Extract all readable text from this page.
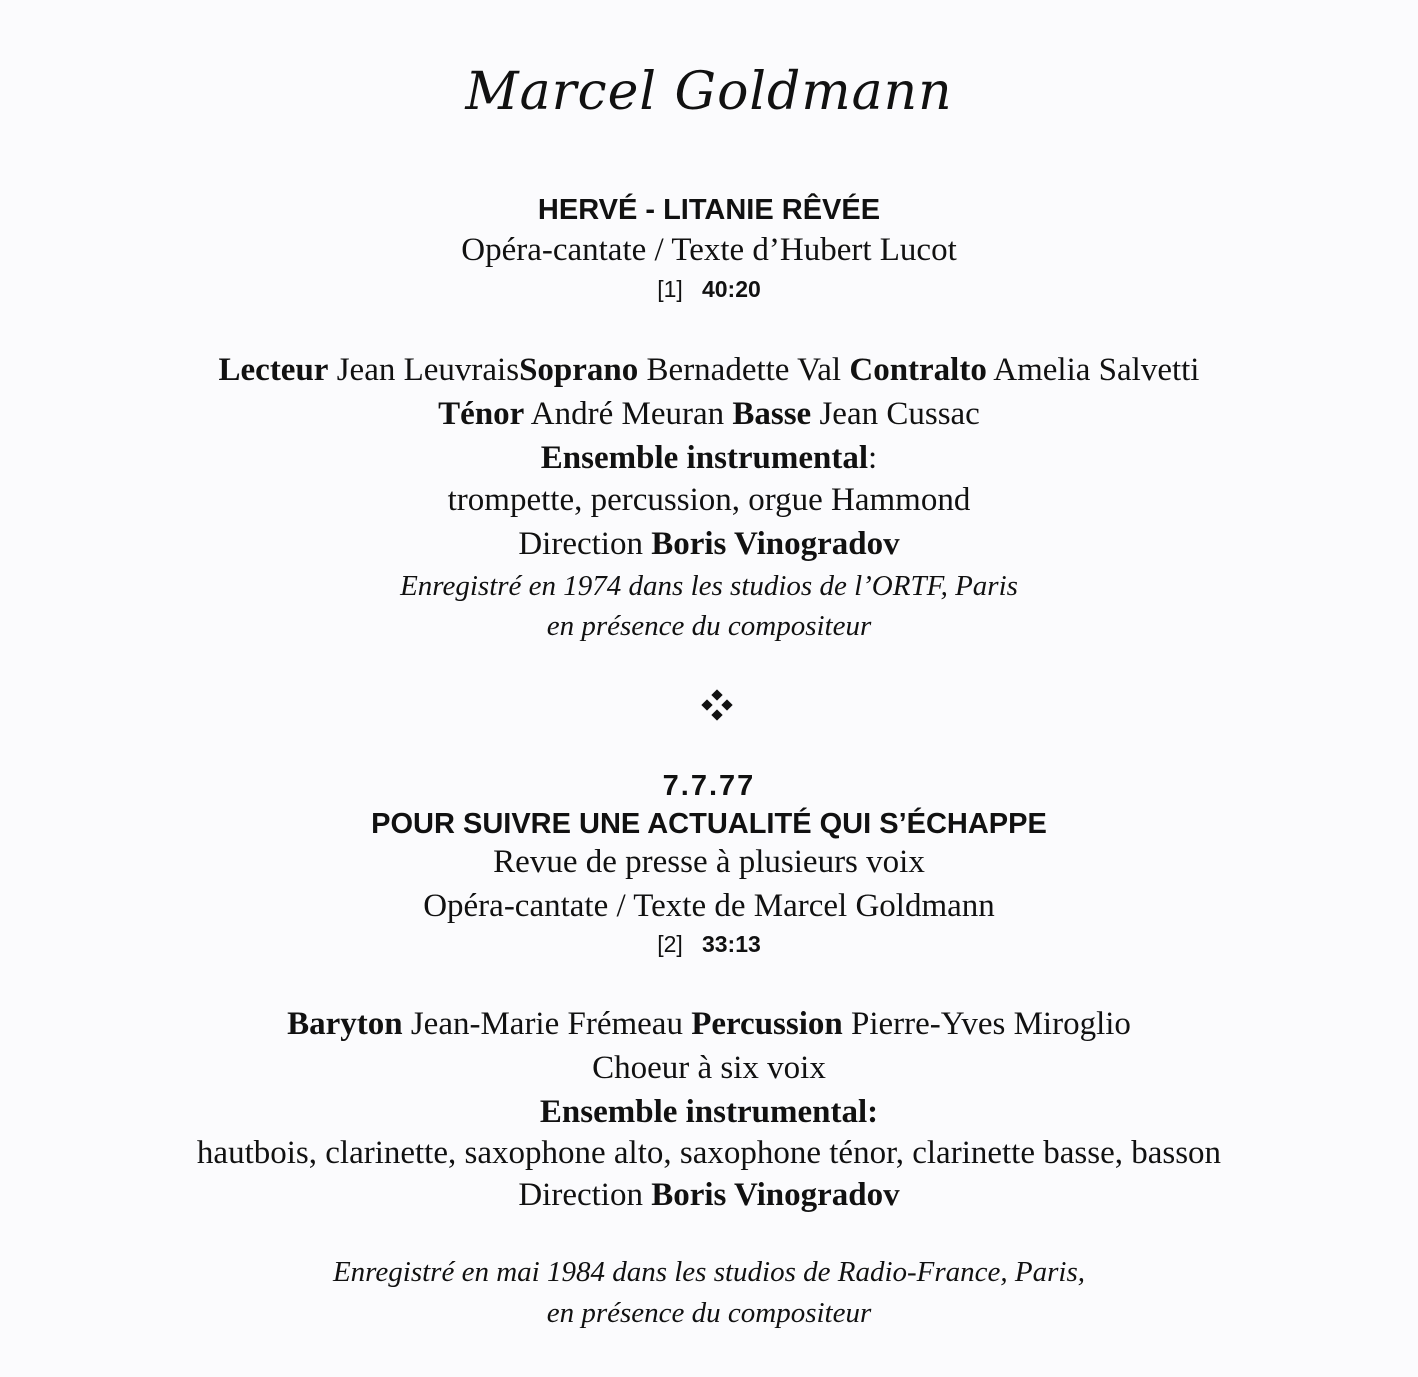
Marcel Goldmann
HERVÉ - LITANIE RÊVÉE
Opéra-cantate / Texte d’Hubert Lucot
[1] 40:20
Lecteur Jean LeuvraisSoprano Bernadette Val Contralto Amelia Salvetti
Ténor André Meuran Basse Jean Cussac
Ensemble instrumental:
trompette, percussion, orgue Hammond
Direction Boris Vinogradov
Enregistré en 1974 dans les studios de l’ORTF, Paris
en présence du compositeur
7.7.77
POUR SUIVRE UNE ACTUALITÉ QUI S’ÉCHAPPE
Revue de presse à plusieurs voix
Opéra-cantate / Texte de Marcel Goldmann
[2] 33:13
Baryton Jean-Marie Frémeau Percussion Pierre-Yves Miroglio
Choeur à six voix
Ensemble instrumental:
hautbois, clarinette, saxophone alto, saxophone ténor, clarinette basse, basson
Direction Boris Vinogradov
Enregistré en mai 1984 dans les studios de Radio-France, Paris,
en présence du compositeur
